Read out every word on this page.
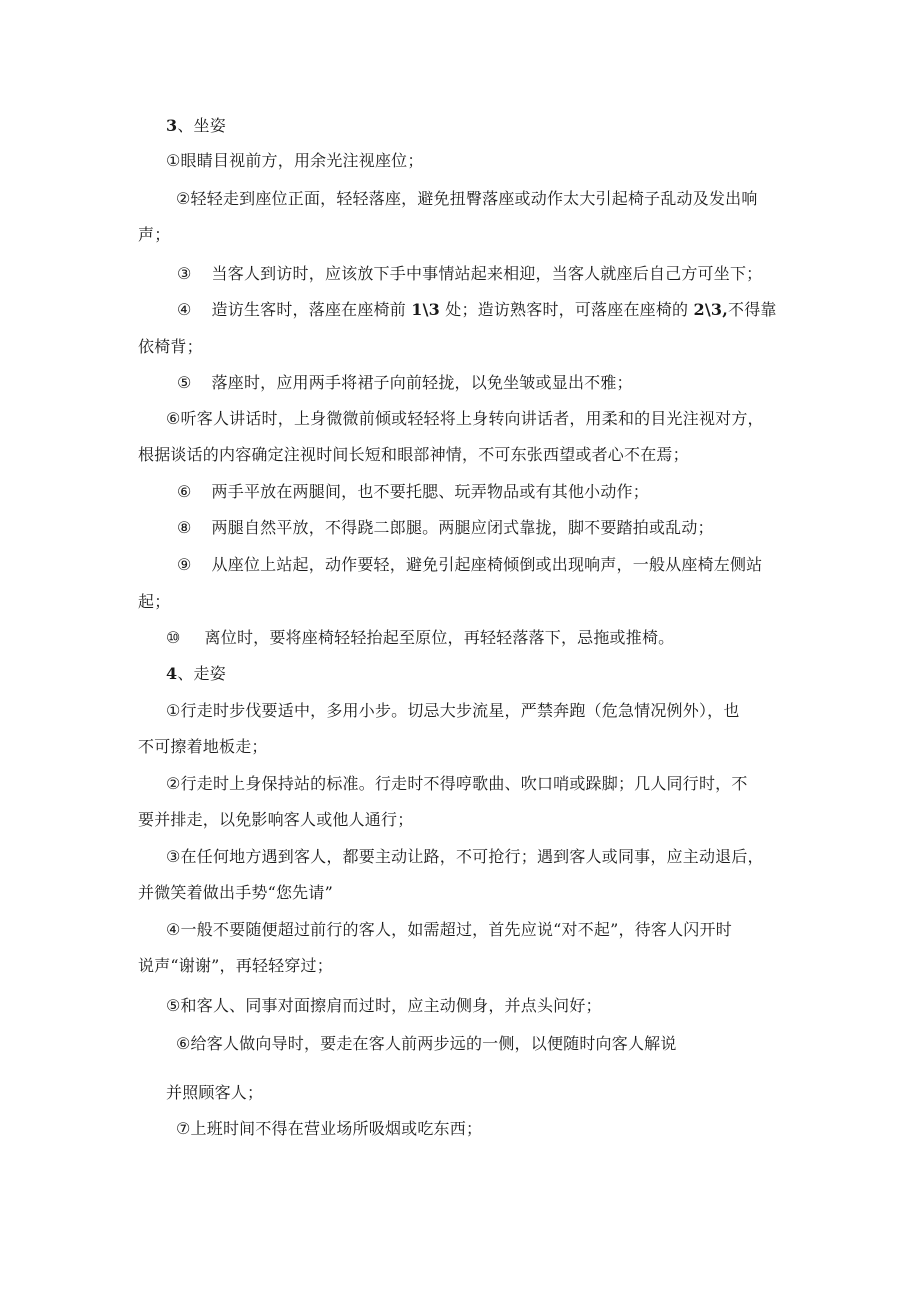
3、坐姿
①眼睛目视前方，用余光注视座位；
②轻轻走到座位正面，轻轻落座，避免扭臀落座或动作太大引起椅子乱动及发出响
声；
③ 当客人到访时，应该放下手中事情站起来相迎，当客人就座后自己方可坐下；
④ 造访生客时，落座在座椅前 1\3 处；造访熟客时，可落座在座椅的 2\3,不得靠
依椅背；
⑤ 落座时，应用两手将裙子向前轻拢，以免坐皱或显出不雅；
⑥听客人讲话时，上身微微前倾或轻轻将上身转向讲话者，用柔和的目光注视对方，
根据谈话的内容确定注视时间长短和眼部神情，不可东张西望或者心不在焉；
⑥ 两手平放在两腿间，也不要托腮、玩弄物品或有其他小动作；
⑧ 两腿自然平放，不得跷二郎腿。两腿应闭式靠拢，脚不要踏拍或乱动；
⑨ 从座位上站起，动作要轻，避免引起座椅倾倒或出现响声，一般从座椅左侧站
起；
⑩ 离位时，要将座椅轻轻抬起至原位，再轻轻落落下，忌拖或推椅。
4、走姿
①行走时步伐要适中，多用小步。切忌大步流星，严禁奔跑（危急情况例外），也
不可擦着地板走；
②行走时上身保持站的标准。行走时不得哼歌曲、吹口哨或跺脚；几人同行时，不
要并排走，以免影响客人或他人通行；
③在任何地方遇到客人，都要主动让路，不可抢行；遇到客人或同事，应主动退后，
并微笑着做出手势“您先请”
④一般不要随便超过前行的客人，如需超过，首先应说“对不起”，待客人闪开时
说声“谢谢”，再轻轻穿过；
⑤和客人、同事对面擦肩而过时，应主动侧身，并点头问好；
⑥给客人做向导时，要走在客人前两步远的一侧，以便随时向客人解说
并照顾客人；
⑦上班时间不得在营业场所吸烟或吃东西；
